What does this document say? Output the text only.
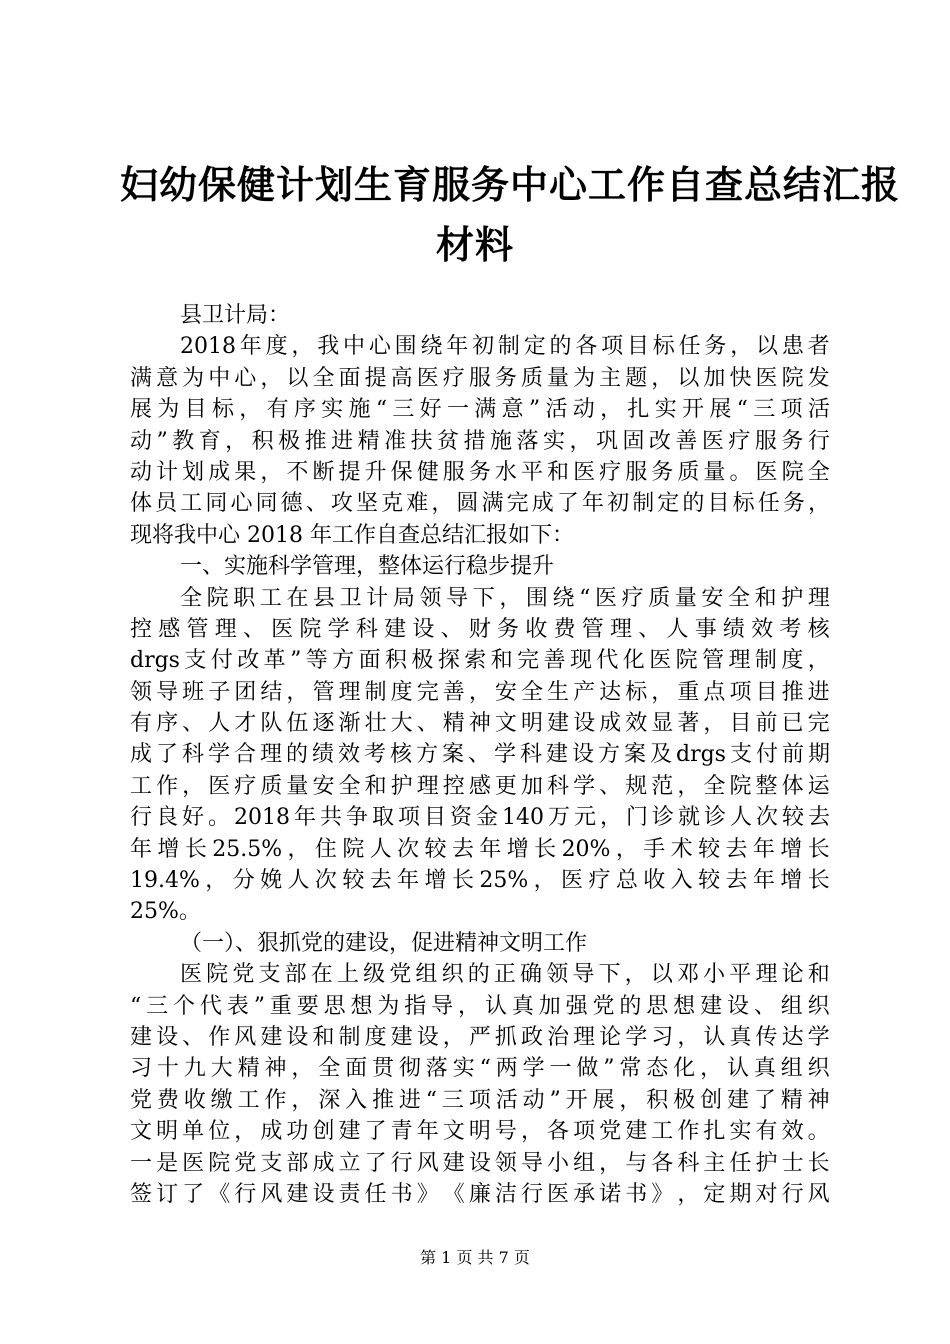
妇幼保健计划生育服务中心工作自查总结汇报
材料
县卫计局：
2018 年 度 ， 我 中 心 围 绕 年 初 制 定 的 各 项 目 标 任 务 ， 以 患 者
满 意 为 中 心 ， 以 全 面 提 高 医 疗 服 务 质 量 为 主 题 ， 以 加 快 医 院 发
展 为 目 标 ， 有 序 实 施 “ 三 好 一 满 意 ” 活 动 ， 扎 实 开 展 “ 三 项 活
动 ” 教 育 ， 积 极 推 进 精 准 扶 贫 措 施 落 实 ， 巩 固 改 善 医 疗 服 务 行
动 计 划 成 果 ， 不 断 提 升 保 健 服 务 水 平 和 医 疗 服 务 质 量 。 医 院 全
体 员 工 同 心 同 德 、 攻 坚 克 难 ， 圆 满 完 成 了 年 初 制 定 的 目 标 任 务 ，
现将我中心 2018 年工作自查总结汇报如下：
一、实施科学管理，整体运行稳步提升
全 院 职 工 在 县 卫 计 局 领 导 下 ， 围 绕 “ 医 疗 质 量 安 全 和 护 理
控 感 管 理 、 医 院 学 科 建 设 、 财 务 收 费 管 理 、 人 事 绩 效 考 核
drgs 支 付 改 革 ” 等 方 面 积 极 探 索 和 完 善 现 代 化 医 院 管 理 制 度 ，
领 导 班 子 团 结 ， 管 理 制 度 完 善 ， 安 全 生 产 达 标 ， 重 点 项 目 推 进
有 序 、 人 才 队 伍 逐 渐 壮 大 、 精 神 文 明 建 设 成 效 显 著 ， 目 前 已 完
成 了 科 学 合 理 的 绩 效 考 核 方 案 、 学 科 建 设 方 案 及 drgs 支 付 前 期
工 作 ， 医 疗 质 量 安 全 和 护 理 控 感 更 加 科 学 、 规 范 ， 全 院 整 体 运
行 良 好 。 2018 年 共 争 取 项 目 资 金 140 万 元 ， 门 诊 就 诊 人 次 较 去
年 增 长 25.5% ， 住 院 人 次 较 去 年 增 长 20% ， 手 术 较 去 年 增 长
19.4% ， 分 娩 人 次 较 去 年 增 长 25% ， 医 疗 总 收 入 较 去 年 增 长
25%。
（一）、狠抓党的建设，促进精神文明工作
医 院 党 支 部 在 上 级 党 组 织 的 正 确 领 导 下 ， 以 邓 小 平 理 论 和
“ 三 个 代 表 ” 重 要 思 想 为 指 导 ， 认 真 加 强 党 的 思 想 建 设 、 组 织
建 设 、 作 风 建 设 和 制 度 建 设 ， 严 抓 政 治 理 论 学 习 ， 认 真 传 达 学
习 十 九 大 精 神 ， 全 面 贯 彻 落 实 “ 两 学 一 做 ” 常 态 化 ， 认 真 组 织
党 费 收 缴 工 作 ， 深 入 推 进 “ 三 项 活 动 ” 开 展 ， 积 极 创 建 了 精 神
文 明 单 位 ， 成 功 创 建 了 青 年 文 明 号 ， 各 项 党 建 工 作 扎 实 有 效 。
一 是 医 院 党 支 部 成 立 了 行 风 建 设 领 导 小 组 ， 与 各 科 主 任 护 士 长
签 订 了 《 行 风 建 设 责 任 书 》 《 廉 洁 行 医 承 诺 书 》 ， 定 期 对 行 风
第 1 页 共 7 页
